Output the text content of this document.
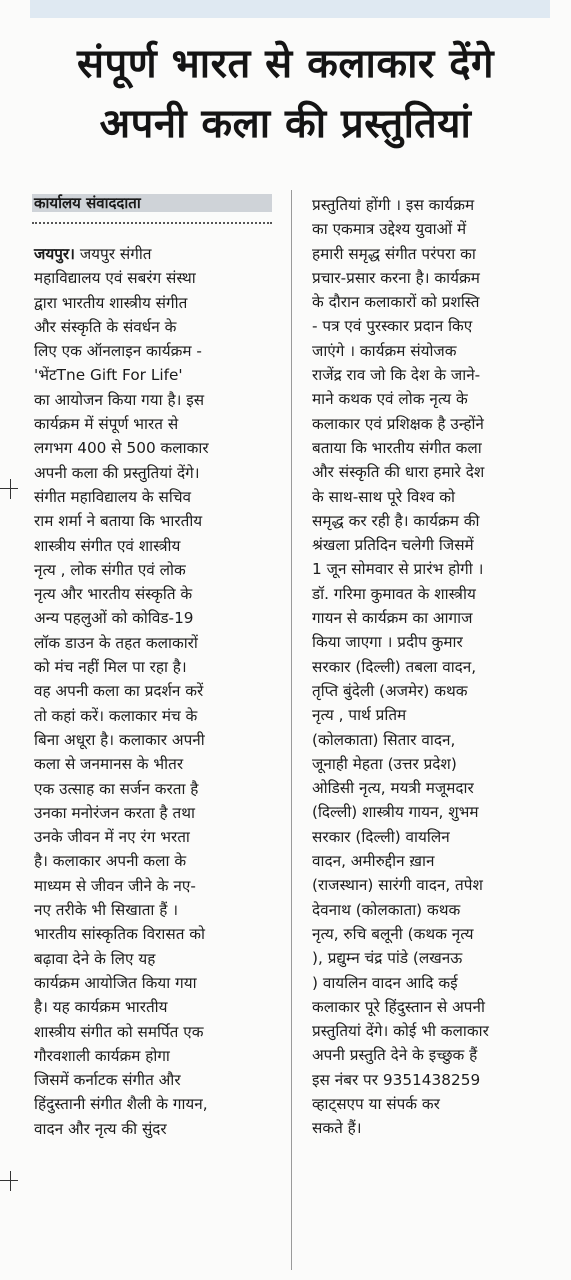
संपूर्ण भारत से कलाकार देंगे
अपनी कला की प्रस्तुतियां
कार्यालय संवाददाता
जयपुर। जयपुर संगीत
महाविद्यालय एवं सबरंग संस्था
द्वारा भारतीय शास्त्रीय संगीत
और संस्कृति के संवर्धन के
लिए एक ऑनलाइन कार्यक्रम -
'भेंटTne Gift For Life'
का आयोजन किया गया है। इस
कार्यक्रम में संपूर्ण भारत से
लगभग 400 से 500 कलाकार
अपनी कला की प्रस्तुतियां देंगे।
संगीत महाविद्यालय के सचिव
राम शर्मा ने बताया कि भारतीय
शास्त्रीय संगीत एवं शास्त्रीय
नृत्य , लोक संगीत एवं लोक
नृत्य और भारतीय संस्कृति के
अन्य पहलुओं को कोविड-19
लॉक डाउन के तहत कलाकारों
को मंच नहीं मिल पा रहा है।
वह अपनी कला का प्रदर्शन करें
तो कहां करें। कलाकार मंच के
बिना अधूरा है। कलाकार अपनी
कला से जनमानस के भीतर
एक उत्साह का सर्जन करता है
उनका मनोरंजन करता है तथा
उनके जीवन में नए रंग भरता
है। कलाकार अपनी कला के
माध्यम से जीवन जीने के नए-
नए तरीके भी सिखाता हैं ।
भारतीय सांस्कृतिक विरासत को
बढ़ावा देने के लिए यह
कार्यक्रम आयोजित किया गया
है। यह कार्यक्रम भारतीय
शास्त्रीय संगीत को समर्पित एक
गौरवशाली कार्यक्रम होगा
जिसमें कर्नाटक संगीत और
हिंदुस्तानी संगीत शैली के गायन,
वादन और नृत्य की सुंदर
प्रस्तुतियां होंगी । इस कार्यक्रम
का एकमात्र उद्देश्य युवाओं में
हमारी समृद्ध संगीत परंपरा का
प्रचार-प्रसार करना है। कार्यक्रम
के दौरान कलाकारों को प्रशस्ति
- पत्र एवं पुरस्कार प्रदान किए
जाएंगे । कार्यक्रम संयोजक
राजेंद्र राव जो कि देश के जाने-
माने कथक एवं लोक नृत्य के
कलाकार एवं प्रशिक्षक है उन्होंने
बताया कि भारतीय संगीत कला
और संस्कृति की धारा हमारे देश
के साथ-साथ पूरे विश्व को
समृद्ध कर रही है। कार्यक्रम की
श्रंखला प्रतिदिन चलेगी जिसमें
1 जून सोमवार से प्रारंभ होगी ।
डॉ. गरिमा कुमावत के शास्त्रीय
गायन से कार्यक्रम का आगाज
किया जाएगा । प्रदीप कुमार
सरकार (दिल्ली) तबला वादन,
तृप्ति बुंदेली (अजमेर) कथक
नृत्य , पार्थ प्रतिम
(कोलकाता) सितार वादन,
जूनाही मेहता (उत्तर प्रदेश)
ओडिसी नृत्य, मयत्री मजूमदार
(दिल्ली) शास्त्रीय गायन, शुभम
सरकार (दिल्ली) वायलिन
वादन, अमीरुद्दीन ख़ान
(राजस्थान) सारंगी वादन, तपेश
देवनाथ (कोलकाता) कथक
नृत्य, रुचि बलूनी (कथक नृत्य
), प्रद्युम्न चंद्र पांडे (लखनऊ
) वायलिन वादन आदि कई
कलाकार पूरे हिंदुस्तान से अपनी
प्रस्तुतियां देंगे। कोई भी कलाकार
अपनी प्रस्तुति देने के इच्छुक हैं
इस नंबर पर 9351438259
व्हाट्सएप या संपर्क कर
सकते हैं।
